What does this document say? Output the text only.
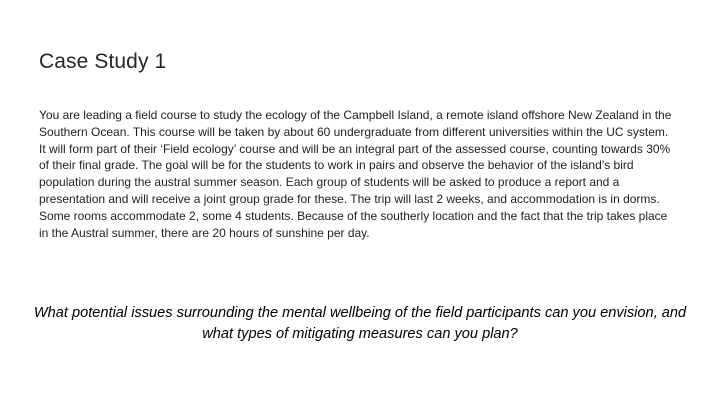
Case Study 1

You are leading a field course to study the ecology of the Campbell Island, a remote island offshore New Zealand in the Southern Ocean. This course will be taken by about 60 undergraduate from different universities within the UC system. It will form part of their ‘Field ecology’ course and will be an integral part of the assessed course, counting towards 30% of their final grade. The goal will be for the students to work in pairs and observe the behavior of the island’s bird population during the austral summer season. Each group of students will be asked to produce a report and a presentation and will receive a joint group grade for these. The trip will last 2 weeks, and accommodation is in dorms. Some rooms accommodate 2, some 4 students. Because of the southerly location and the fact that the trip takes place in the Austral summer, there are 20 hours of sunshine per day.

What potential issues surrounding the mental wellbeing of the field participants can you envision, and what types of mitigating measures can you plan?
